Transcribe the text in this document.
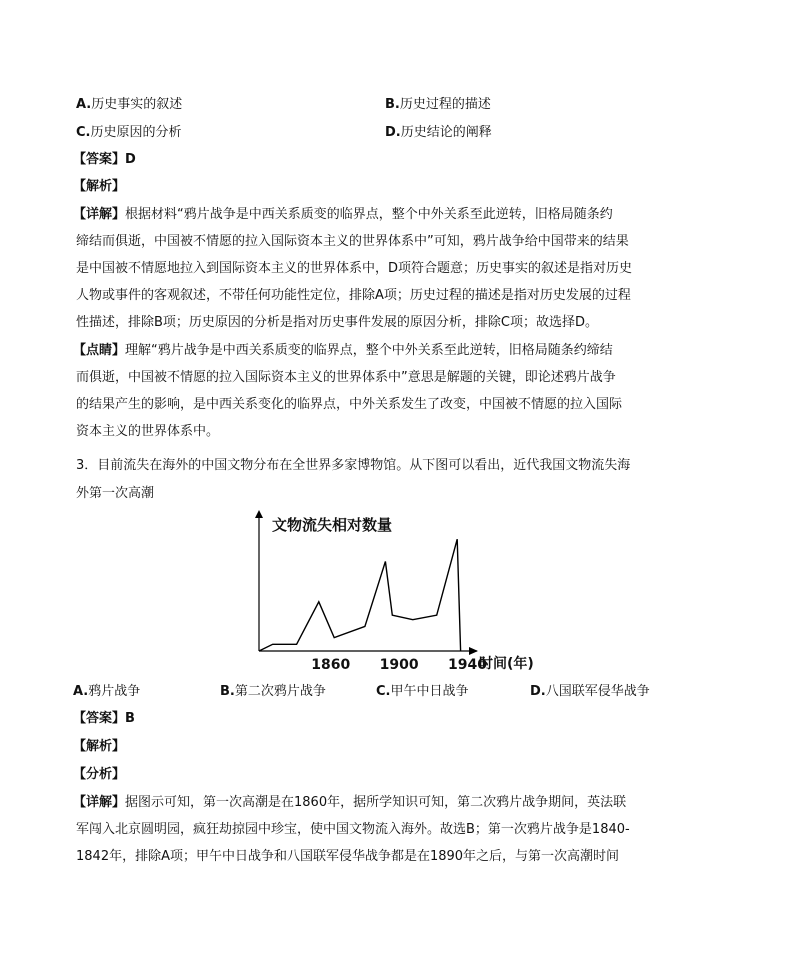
A.历史事实的叙述	B.历史过程的描述
C.历史原因的分析	D.历史结论的阐释
【答案】D
【解析】
【详解】根据材料“鸦片战争是中西关系质变的临界点，整个中外关系至此逆转，旧格局随条约
缔结而俱逝，中国被不情愿的拉入国际资本主义的世界体系中”可知，鸦片战争给中国带来的结果
是中国被不情愿地拉入到国际资本主义的世界体系中，D项符合题意；历史事实的叙述是指对历史
人物或事件的客观叙述，不带任何功能性定位，排除A项；历史过程的描述是指对历史发展的过程
性描述，排除B项；历史原因的分析是指对历史事件发展的原因分析，排除C项；故选择D。
【点睛】理解“鸦片战争是中西关系质变的临界点，整个中外关系至此逆转，旧格局随条约缔结
而俱逝，中国被不情愿的拉入国际资本主义的世界体系中”意思是解题的关键，即论述鸦片战争
的结果产生的影响，是中西关系变化的临界点，中外关系发生了改变，中国被不情愿的拉入国际
资本主义的世界体系中。
3．目前流失在海外的中国文物分布在全世界多家博物馆。从下图可以看出，近代我国文物流失海
外第一次高潮
文物流失相对数量
时间(年)
1860 1900 1940
A.鸦片战争	B.第二次鸦片战争	C.甲午中日战争	D.八国联军侵华战争
【答案】B
【解析】
【分析】
【详解】据图示可知，第一次高潮是在1860年，据所学知识可知，第二次鸦片战争期间，英法联
军闯入北京圆明园，疯狂劫掠园中珍宝，使中国文物流入海外。故选B；第一次鸦片战争是1840-
1842年，排除A项；甲午中日战争和八国联军侵华战争都是在1890年之后，与第一次高潮时间
